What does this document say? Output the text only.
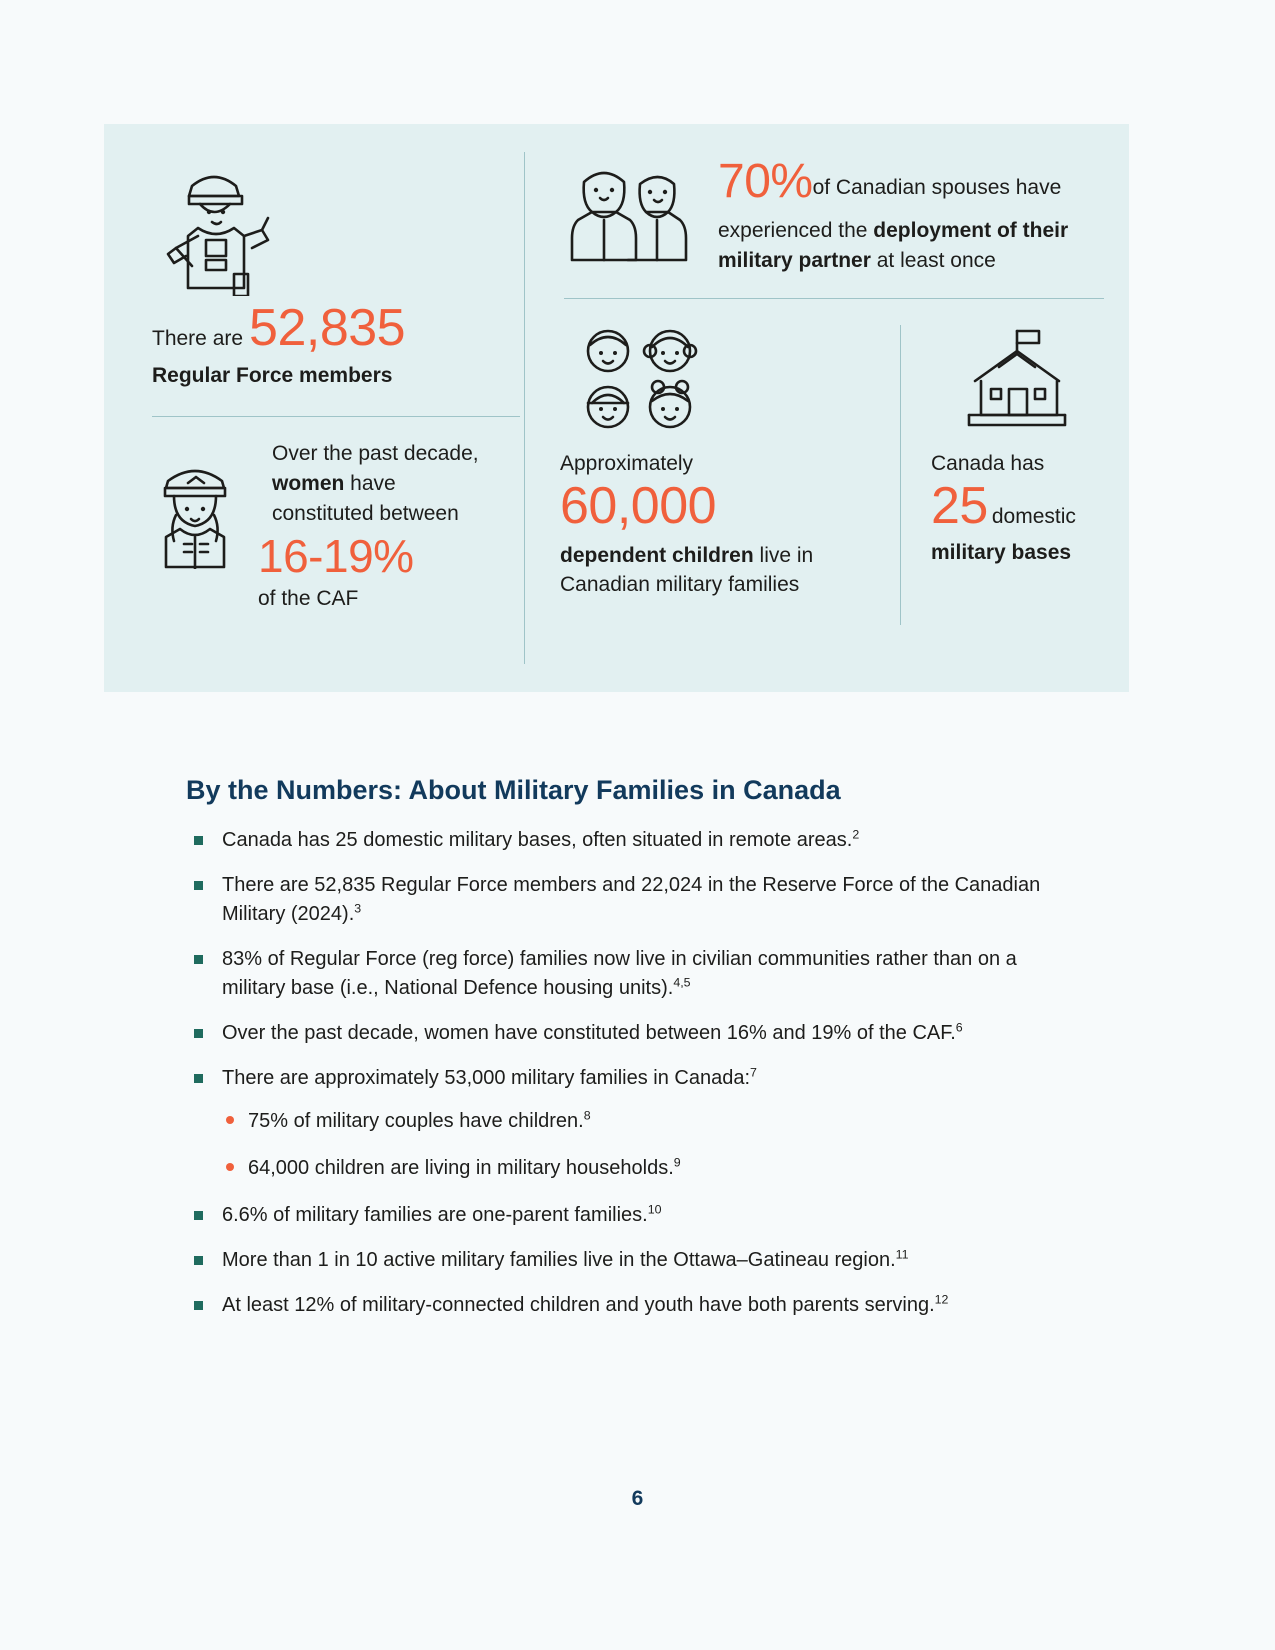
There are 52,835
Regular Force members
Over the past decade, women have constituted between
16-19%
of the CAF
70%of Canadian spouses have experienced the deployment of their military partner at least once
Approximately
60,000
dependent children live in Canadian military families
Canada has
25 domestic
military bases
By the Numbers: About Military Families in Canada
Canada has 25 domestic military bases, often situated in remote areas.$^2$
There are 52,835 Regular Force members and 22,024 in the Reserve Force of the Canadian Military (2024).$^3$
83% of Regular Force (reg force) families now live in civilian communities rather than on a military base (i.e., National Defence housing units).$^{4,5}$
Over the past decade, women have constituted between 16% and 19% of the CAF.$^6$
There are approximately 53,000 military families in Canada:$^7$
75% of military couples have children.$^8$
64,000 children are living in military households.$^9$
6.6% of military families are one-parent families.$^{10}$
More than 1 in 10 active military families live in the Ottawa–Gatineau region.$^{11}$
At least 12% of military-connected children and youth have both parents serving.$^{12}$
6
